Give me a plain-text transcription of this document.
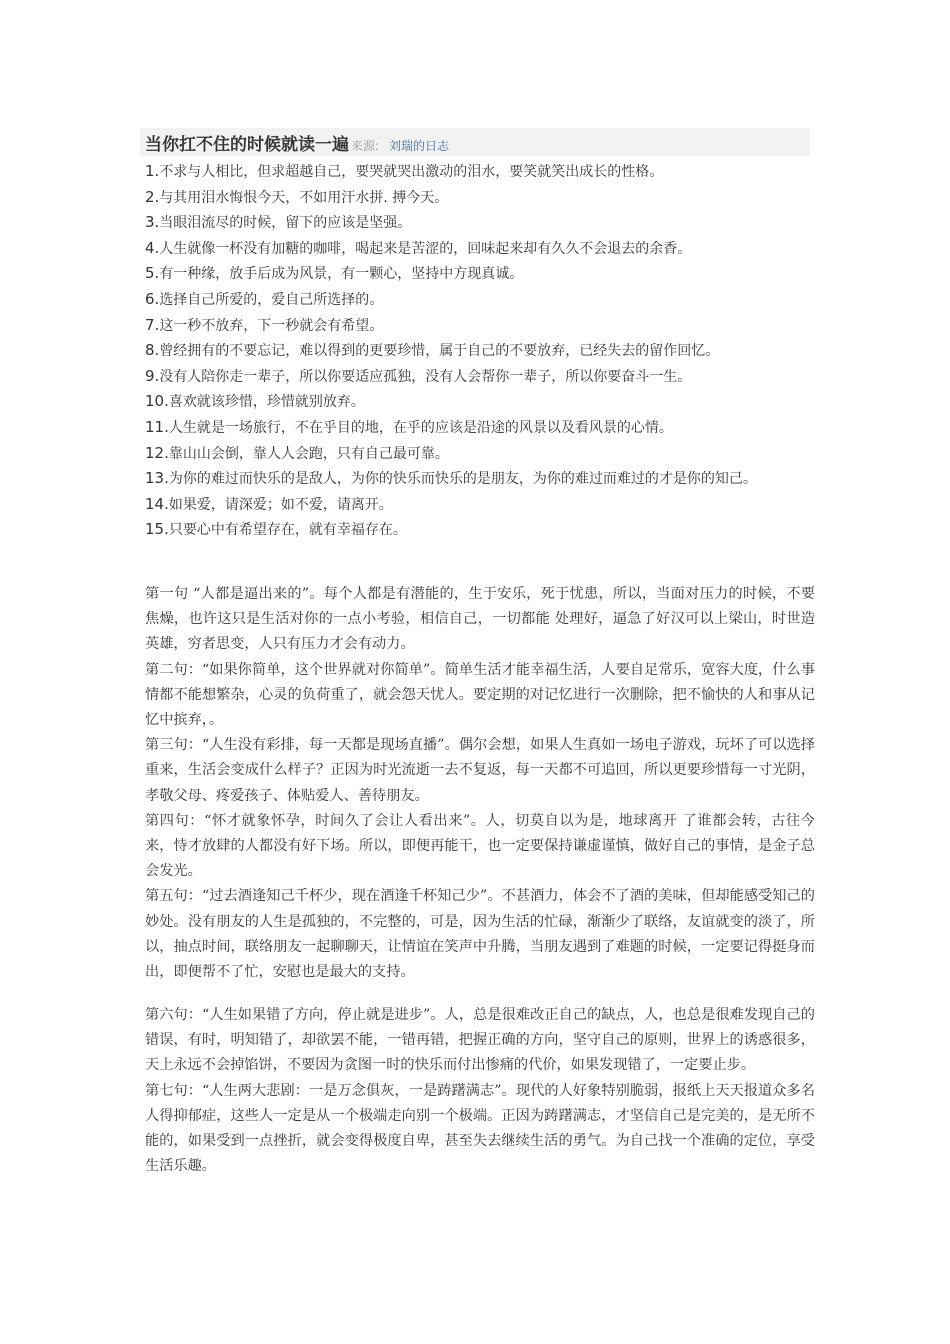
当你扛不住的时候就读一遍 来源: 刘瑞的日志

1.不求与人相比，但求超越自己，要哭就哭出激动的泪水，要笑就笑出成长的性格。

2.与其用泪水悔恨今天，不如用汗水拼. 搏今天。

3.当眼泪流尽的时候，留下的应该是坚强。

4.人生就像一杯没有加糖的咖啡，喝起来是苦涩的，回味起来却有久久不会退去的余香。

5.有一种缘，放手后成为风景，有一颗心，坚持中方现真诚。

6.选择自己所爱的，爱自己所选择的。

7.这一秒不放弃，下一秒就会有希望。

8.曾经拥有的不要忘记，难以得到的更要珍惜，属于自己的不要放弃，已经失去的留作回忆。

9.没有人陪你走一辈子，所以你要适应孤独，没有人会帮你一辈子，所以你要奋斗一生。

10.喜欢就该珍惜，珍惜就别放弃。

11.人生就是一场旅行，不在乎目的地，在乎的应该是沿途的风景以及看风景的心情。

12.靠山山会倒，靠人人会跑，只有自己最可靠。

13.为你的难过而快乐的是敌人，为你的快乐而快乐的是朋友，为你的难过而难过的才是你的知己。

14.如果爱，请深爱；如不爱，请离开。

15.只要心中有希望存在，就有幸福存在。

第一句 “人都是逼出来的”。每个人都是有潜能的，生于安乐，死于忧患，所以，当面对压力的时候，不要焦燥，也许这只是生活对你的一点小考验，相信自己，一切都能 处理好，逼急了好汉可以上梁山，时世造英雄，穷者思变，人只有压力才会有动力。

第二句：“如果你简单，这个世界就对你简单”。简单生活才能幸福生活，人要自足常乐，宽容大度，什么事情都不能想繁杂，心灵的负荷重了，就会怨天忧人。要定期的对记忆进行一次删除，把不愉快的人和事从记忆中摈弃，。

第三句：“人生没有彩排，每一天都是现场直播”。偶尔会想，如果人生真如一场电子游戏，玩坏了可以选择重来，生活会变成什么样子？正因为时光流逝一去不复返，每一天都不可追回，所以更要珍惜每一寸光阴，孝敬父母、疼爱孩子、体贴爱人、善待朋友。

第四句：“怀才就象怀孕，时间久了会让人看出来”。人，切莫自以为是，地球离开 了谁都会转，古往今来，恃才放肆的人都没有好下场。所以，即便再能干，也一定要保持谦虚谨慎，做好自己的事情，是金子总会发光。

第五句：“过去酒逢知己千杯少，现在酒逢千杯知己少”。不甚酒力，体会不了酒的美味，但却能感受知己的妙处。没有朋友的人生是孤独的，不完整的，可是，因为生活的忙碌，渐渐少了联络，友谊就变的淡了，所以，抽点时间，联络朋友一起聊聊天，让情谊在笑声中升腾，当朋友遇到了难题的时候，一定要记得挺身而出，即便帮不了忙，安慰也是最大的支持。

第六句：“人生如果错了方向，停止就是进步”。人，总是很难改正自己的缺点，人，也总是很难发现自己的错误，有时，明知错了，却欲罢不能，一错再错，把握正确的方向，坚守自己的原则，世界上的诱惑很多，天上永远不会掉馅饼，不要因为贪图一时的快乐而付出惨痛的代价，如果发现错了，一定要止步。

第七句：“人生两大悲剧：一是万念俱灰，一是踌躇满志”。现代的人好象特别脆弱，报纸上天天报道众多名人得抑郁症，这些人一定是从一个极端走向别一个极端。正因为踌躇满志，才坚信自己是完美的，是无所不能的，如果受到一点挫折，就会变得极度自卑，甚至失去继续生活的勇气。为自己找一个准确的定位，享受生活乐趣。
